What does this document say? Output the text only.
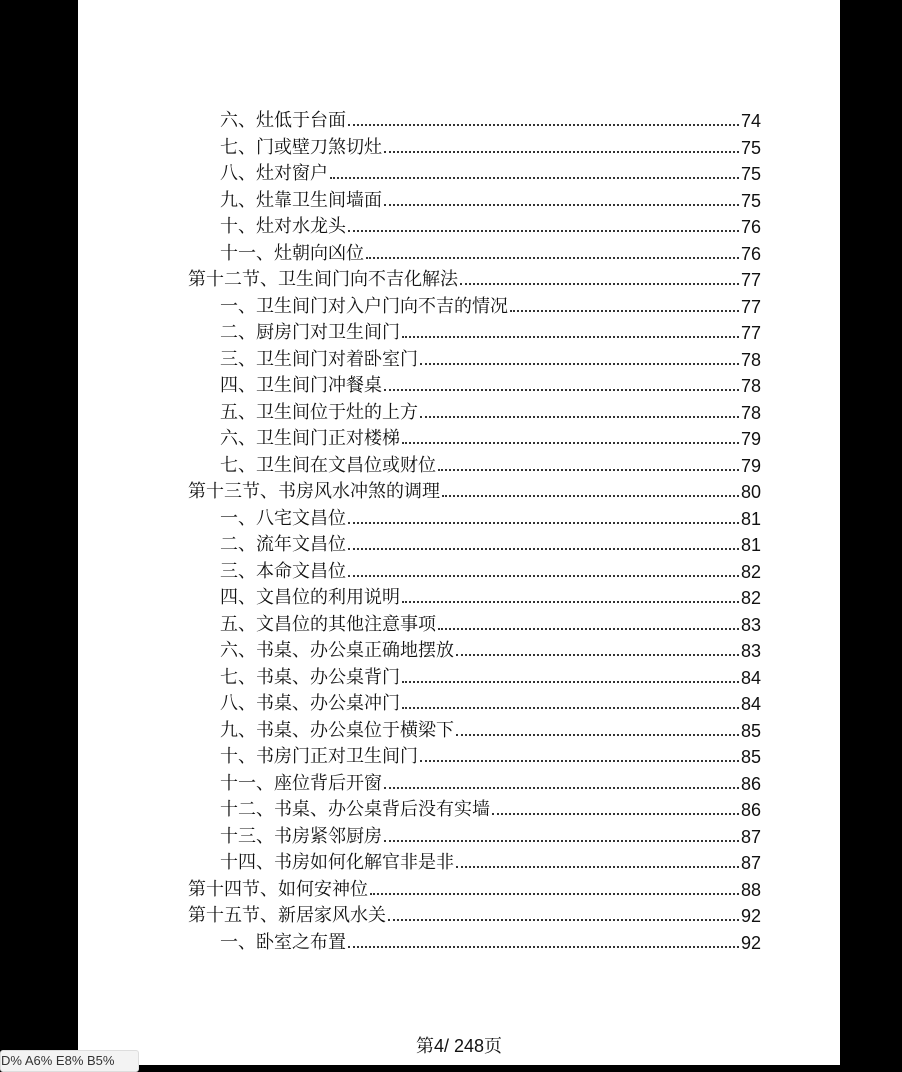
六、灶低于台面	74
七、门或壁刀煞切灶	75
八、灶对窗户	75
九、灶靠卫生间墙面	75
十、灶对水龙头	76
十一、灶朝向凶位	76
第十二节、卫生间门向不吉化解法	77
一、卫生间门对入户门向不吉的情况	77
二、厨房门对卫生间门	77
三、卫生间门对着卧室门	78
四、卫生间门冲餐桌	78
五、卫生间位于灶的上方	78
六、卫生间门正对楼梯	79
七、卫生间在文昌位或财位	79
第十三节、书房风水冲煞的调理	80
一、八宅文昌位	81
二、流年文昌位	81
三、本命文昌位	82
四、文昌位的利用说明	82
五、文昌位的其他注意事项	83
六、书桌、办公桌正确地摆放	83
七、书桌、办公桌背门	84
八、书桌、办公桌冲门	84
九、书桌、办公桌位于横梁下	85
十、书房门正对卫生间门	85
十一、座位背后开窗	86
十二、书桌、办公桌背后没有实墙	86
十三、书房紧邻厨房	87
十四、书房如何化解官非是非	87
第十四节、如何安神位	88
第十五节、新居家风水关	92
一、卧室之布置	92
第4/ 248页
D% A6% E8% B5%
